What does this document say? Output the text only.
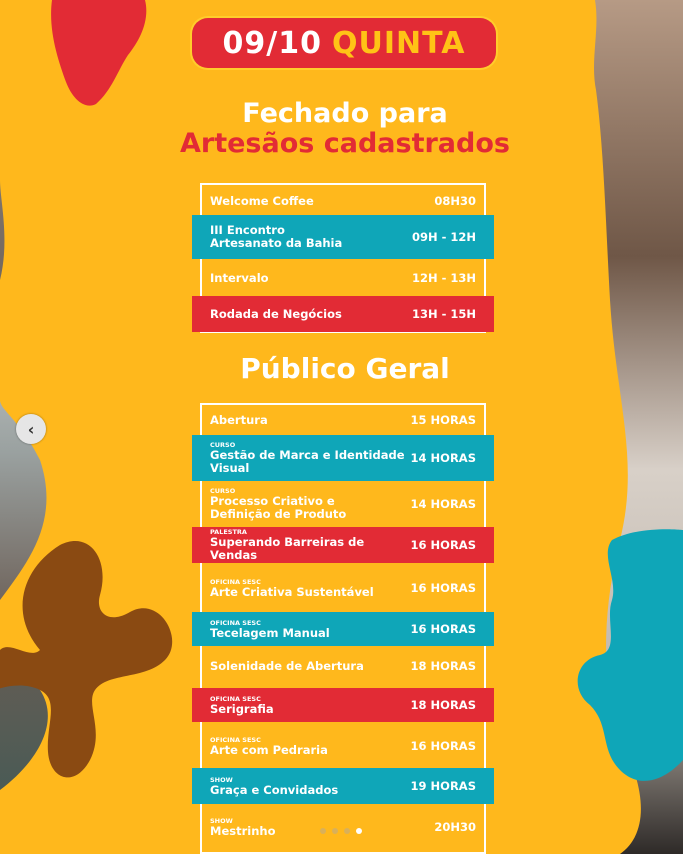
09/10 QUINTA
Fechado para
Artesãos cadastrados
Público Geral
‹
Welcome Coffee	08H30
III Encontro
Artesanato da Bahia	09H - 12H
Intervalo	12H - 13H
Rodada de Negócios	13H - 15H
Abertura	15 HORAS
CURSO
Gestão de Marca e Identidade
Visual
14 HORAS
CURSO
Processo Criativo e
Definição de Produto
14 HORAS
PALESTRA
Superando Barreiras de Vendas
16 HORAS
OFICINA SESC
Arte Criativa Sustentável	16 HORAS
OFICINA SESC
Tecelagem Manual	16 HORAS
Solenidade de Abertura	18 HORAS
OFICINA SESC
Serigrafia	18 HORAS
OFICINA SESC
Arte com Pedraria	16 HORAS
SHOW
Graça e Convidados	19 HORAS
SHOW
Mestrinho	20H30
